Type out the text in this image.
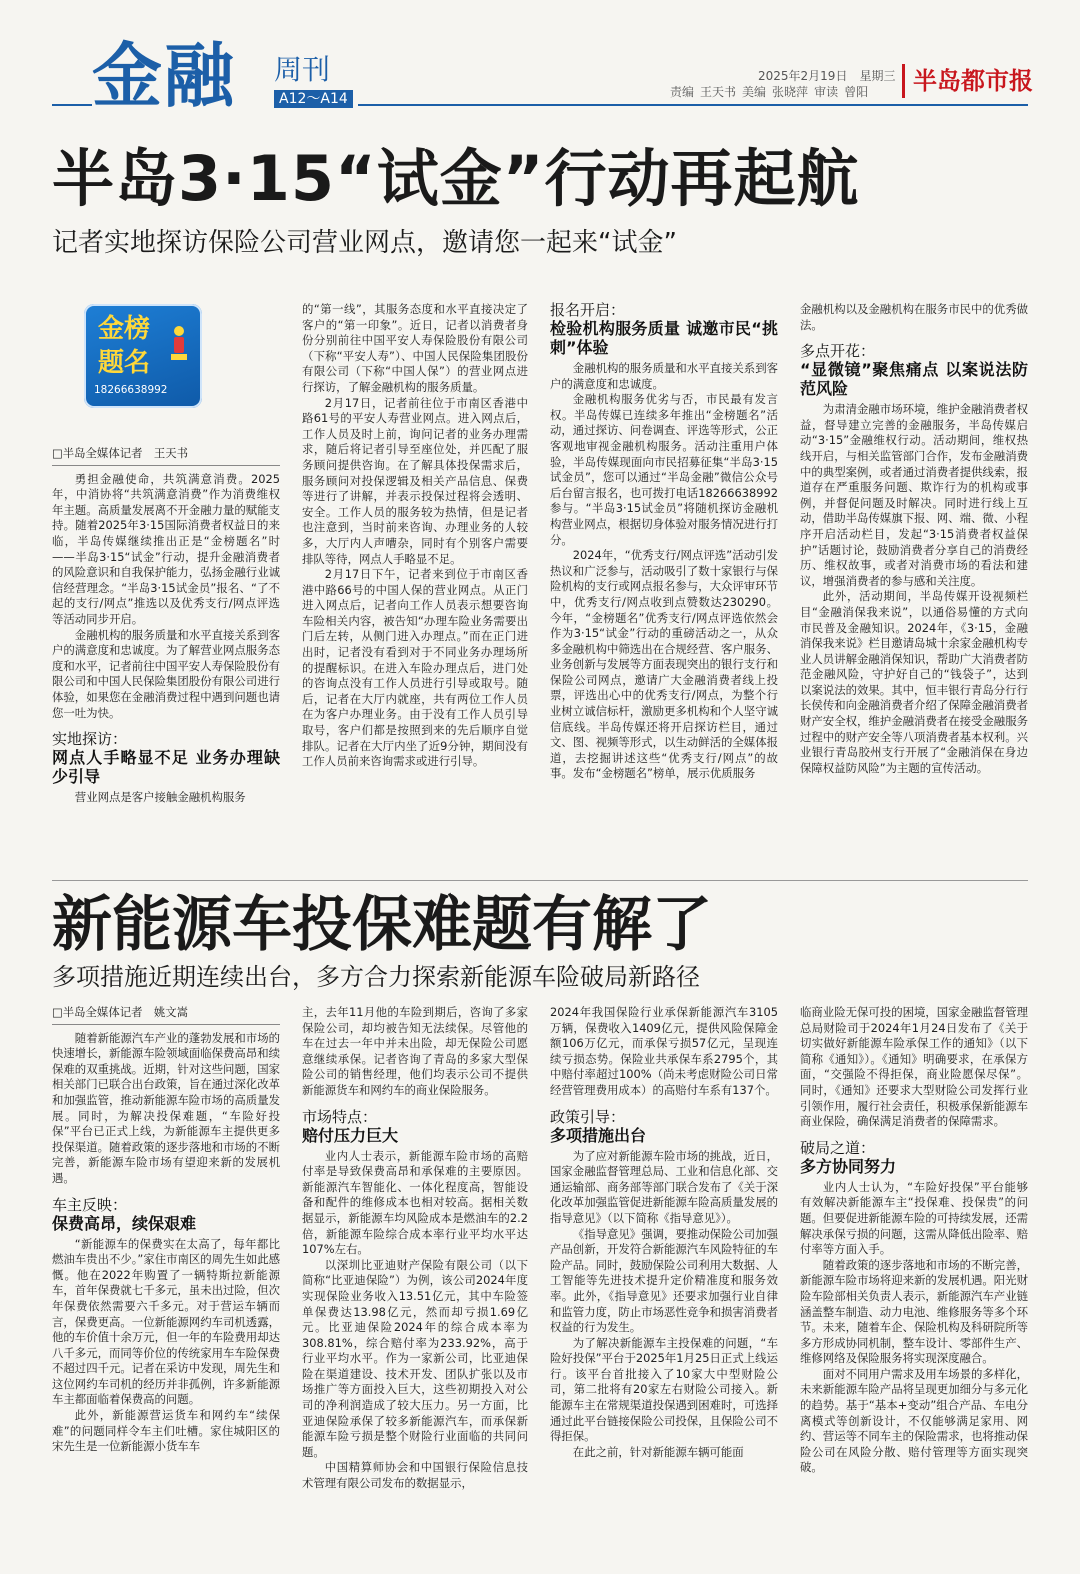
金融 周刊
A12～A14
2025年2月19日　星期三
责编 王天书 美编 张晓萍 审读 曾阳	半岛都市报
半岛3·15“试金”行动再起航
记者实地探访保险公司营业网点，邀请您一起来“试金”
金榜
题名
18266638992
□半岛全媒体记者　王天书

勇担金融使命，共筑满意消费。2025年，中消协将“共筑满意消费”作为消费维权年主题。高质量发展离不开金融力量的赋能支持。随着2025年3·15国际消费者权益日的来临，半岛传媒继续推出正是“金榜题名”时——半岛3·15“试金”行动，提升金融消费者的风险意识和自我保护能力，弘扬金融行业诚信经营理念。“半岛3·15试金员”报名、“了不起的支行/网点”推选以及优秀支行/网点评选等活动同步开启。

金融机构的服务质量和水平直接关系到客户的满意度和忠诚度。为了解营业网点服务态度和水平，记者前往中国平安人寿保险股份有限公司和中国人民保险集团股份有限公司进行体验，如果您在金融消费过程中遇到问题也请您一吐为快。

实地探访：
网点人手略显不足 业务办理缺少引导

营业网点是客户接触金融机构服务

的“第一线”，其服务态度和水平直接决定了客户的“第一印象”。近日，记者以消费者身份分别前往中国平安人寿保险股份有限公司（下称“平安人寿”）、中国人民保险集团股份有限公司（下称“中国人保”）的营业网点进行探访，了解金融机构的服务质量。

2月17日，记者前往位于市南区香港中路61号的平安人寿营业网点。进入网点后，工作人员及时上前，询问记者的业务办理需求，随后将记者引导至座位处，并匹配了服务顾问提供咨询。在了解具体投保需求后，服务顾问对投保逻辑及相关产品信息、保费等进行了讲解，并表示投保过程将会透明、安全。工作人员的服务较为热情，但是记者也注意到，当时前来咨询、办理业务的人较多，大厅内人声嘈杂，同时有个别客户需要排队等待，网点人手略显不足。

2月17日下午，记者来到位于市南区香港中路66号的中国人保的营业网点。从正门进入网点后，记者向工作人员表示想要咨询车险相关内容，被告知“办理车险业务需要出门后左转，从侧门进入办理点。”而在正门进出时，记者没有看到对于不同业务办理场所的提醒标识。在进入车险办理点后，进门处的咨询点没有工作人员进行引导或取号。随后，记者在大厅内就座，共有两位工作人员在为客户办理业务。由于没有工作人员引导取号，客户们都是按照到来的先后顺序自觉排队。记者在大厅内坐了近9分钟，期间没有工作人员前来咨询需求或进行引导。

报名开启：
检验机构服务质量 诚邀市民“挑刺”体验

金融机构的服务质量和水平直接关系到客户的满意度和忠诚度。

金融机构服务优劣与否，市民最有发言权。半岛传媒已连续多年推出“金榜题名”活动，通过探访、问卷调查、评选等形式，公正客观地审视金融机构服务。活动注重用户体验，半岛传媒现面向市民招募征集“半岛3·15试金员”，您可以通过“半岛金融”微信公众号后台留言报名，也可拨打电话18266638992参与。“半岛3·15试金员”将随机探访金融机构营业网点，根据切身体验对服务情况进行打分。

2024年，“优秀支行/网点评选”活动引发热议和广泛参与，活动吸引了数十家银行与保险机构的支行或网点报名参与，大众评审环节中，优秀支行/网点收到点赞数达230290。今年，“金榜题名”优秀支行/网点评选依然会作为3·15“试金”行动的重磅活动之一，从众多金融机构中筛选出在合规经营、客户服务、业务创新与发展等方面表现突出的银行支行和保险公司网点，邀请广大金融消费者线上投票，评选出心中的优秀支行/网点，为整个行业树立诚信标杆，激励更多机构和个人坚守诚信底线。半岛传媒还将开启探访栏目，通过文、图、视频等形式，以生动鲜活的全媒体报道，去挖掘讲述这些“优秀支行/网点”的故事。发布“金榜题名”榜单，展示优质服务

金融机构以及金融机构在服务市民中的优秀做法。

多点开花：
“显微镜”聚焦痛点 以案说法防范风险

为肃清金融市场环境，维护金融消费者权益，督导建立完善的金融服务，半岛传媒启动“3·15”金融维权行动。活动期间，维权热线开启，与相关监管部门合作，发布金融消费中的典型案例，或者通过消费者提供线索，报道存在严重服务问题、欺诈行为的机构或事例，并督促问题及时解决。同时进行线上互动，借助半岛传媒旗下报、网、端、微、小程序开启活动栏目，发起“3·15消费者权益保护”话题讨论，鼓励消费者分享自己的消费经历、维权故事，或者对消费市场的看法和建议，增强消费者的参与感和关注度。

此外，活动期间，半岛传媒开设视频栏目“金融消保我来说”，以通俗易懂的方式向市民普及金融知识。2024年，《3·15，金融消保我来说》栏目邀请岛城十余家金融机构专业人员讲解金融消保知识，帮助广大消费者防范金融风险，守护好自己的“钱袋子”，达到以案说法的效果。其中，恒丰银行青岛分行行长侯传和向金融消费者介绍了保障金融消费者财产安全权，维护金融消费者在接受金融服务过程中的财产安全等八项消费者基本权利。兴业银行青岛胶州支行开展了“金融消保在身边　保障权益防风险”为主题的宣传活动。

新能源车投保难题有解了
多项措施近期连续出台，多方合力探索新能源车险破局新路径
□半岛全媒体记者　姚文嵩

随着新能源汽车产业的蓬勃发展和市场的快速增长，新能源车险领域面临保费高昂和续保难的双重挑战。近期，针对这些问题，国家相关部门已联合出台政策，旨在通过深化改革和加强监管，推动新能源车险市场的高质量发展。同时，为解决投保难题，“车险好投保”平台已正式上线，为新能源车主提供更多投保渠道。随着政策的逐步落地和市场的不断完善，新能源车险市场有望迎来新的发展机遇。

车主反映：
保费高昂，续保艰难

“新能源车的保费实在太高了，每年都比燃油车贵出不少。”家住市南区的周先生如此感慨。他在2022年购置了一辆特斯拉新能源车，首年保费就七千多元，虽未出过险，但次年保费依然需要六千多元。对于营运车辆而言，保费更高。一位新能源网约车司机透露，他的车价值十余万元，但一年的车险费用却达八千多元，而同等价位的传统家用车车险保费不超过四千元。记者在采访中发现，周先生和这位网约车司机的经历并非孤例，许多新能源车主都面临着保费高的问题。

此外，新能源营运货车和网约车“续保难”的问题同样令车主们吐槽。家住城阳区的宋先生是一位新能源小货车车

主，去年11月他的车险到期后，咨询了多家保险公司，却均被告知无法续保。尽管他的车在过去一年中并未出险，却无保险公司愿意继续承保。记者咨询了青岛的多家大型保险公司的销售经理，他们均表示公司不提供新能源货车和网约车的商业保险服务。

市场特点：
赔付压力巨大

业内人士表示，新能源车险市场的高赔付率是导致保费高昂和承保难的主要原因。新能源汽车智能化、一体化程度高，智能设备和配件的维修成本也相对较高。据相关数据显示，新能源车均风险成本是燃油车的2.2倍，新能源车险综合成本率行业平均水平达107%左右。

以深圳比亚迪财产保险有限公司（以下简称“比亚迪保险”）为例，该公司2024年度实现保险业务收入13.51亿元，其中车险签单保费达13.98亿元，然而却亏损1.69亿元。比亚迪保险2024年的综合成本率为308.81%，综合赔付率为233.92%，高于行业平均水平。作为一家新公司，比亚迪保险在渠道建设、技术开发、团队扩张以及市场推广等方面投入巨大，这些初期投入对公司的净利润造成了较大压力。另一方面，比亚迪保险承保了较多新能源汽车，而承保新能源车险亏损是整个财险行业面临的共同问题。

中国精算师协会和中国银行保险信息技术管理有限公司发布的数据显示，

2024年我国保险行业承保新能源汽车3105万辆，保费收入1409亿元，提供风险保障金额106万亿元，而承保亏损57亿元，呈现连续亏损态势。保险业共承保车系2795个，其中赔付率超过100%（尚未考虑财险公司日常经营管理费用成本）的高赔付车系有137个。

政策引导：
多项措施出台

为了应对新能源车险市场的挑战，近日，国家金融监督管理总局、工业和信息化部、交通运输部、商务部等部门联合发布了《关于深化改革加强监管促进新能源车险高质量发展的指导意见》（以下简称《指导意见》）。

《指导意见》强调，要推动保险公司加强产品创新，开发符合新能源汽车风险特征的车险产品。同时，鼓励保险公司利用大数据、人工智能等先进技术提升定价精准度和服务效率。此外，《指导意见》还要求加强行业自律和监管力度，防止市场恶性竞争和损害消费者权益的行为发生。

为了解决新能源车主投保难的问题，“车险好投保”平台于2025年1月25日正式上线运行。该平台首批接入了10家大中型财险公司，第二批将有20家左右财险公司接入。新能源车主在常规渠道投保遇到困难时，可选择通过此平台链接保险公司投保，且保险公司不得拒保。

在此之前，针对新能源车辆可能面

临商业险无保可投的困境，国家金融监督管理总局财险司于2024年1月24日发布了《关于切实做好新能源车险承保工作的通知》（以下简称《通知》）。《通知》明确要求，在承保方面，“交强险不得拒保，商业险愿保尽保”。同时，《通知》还要求大型财险公司发挥行业引领作用，履行社会责任，积极承保新能源车商业保险，确保满足消费者的保障需求。

破局之道：
多方协同努力

业内人士认为，“车险好投保”平台能够有效解决新能源车主“投保难、投保贵”的问题。但要促进新能源车险的可持续发展，还需解决承保亏损的问题，这需从降低出险率、赔付率等方面入手。

随着政策的逐步落地和市场的不断完善，新能源车险市场将迎来新的发展机遇。阳光财险车险部相关负责人表示，新能源汽车产业链涵盖整车制造、动力电池、维修服务等多个环节。未来，随着车企、保险机构及科研院所等多方形成协同机制，整车设计、零部件生产、维修网络及保险服务将实现深度融合。

面对不同用户需求及用车场景的多样化，未来新能源车险产品将呈现更加细分与多元化的趋势。基于“基本+变动”组合产品、车电分离模式等创新设计，不仅能够满足家用、网约、营运等不同车主的保险需求，也将推动保险公司在风险分散、赔付管理等方面实现突破。
